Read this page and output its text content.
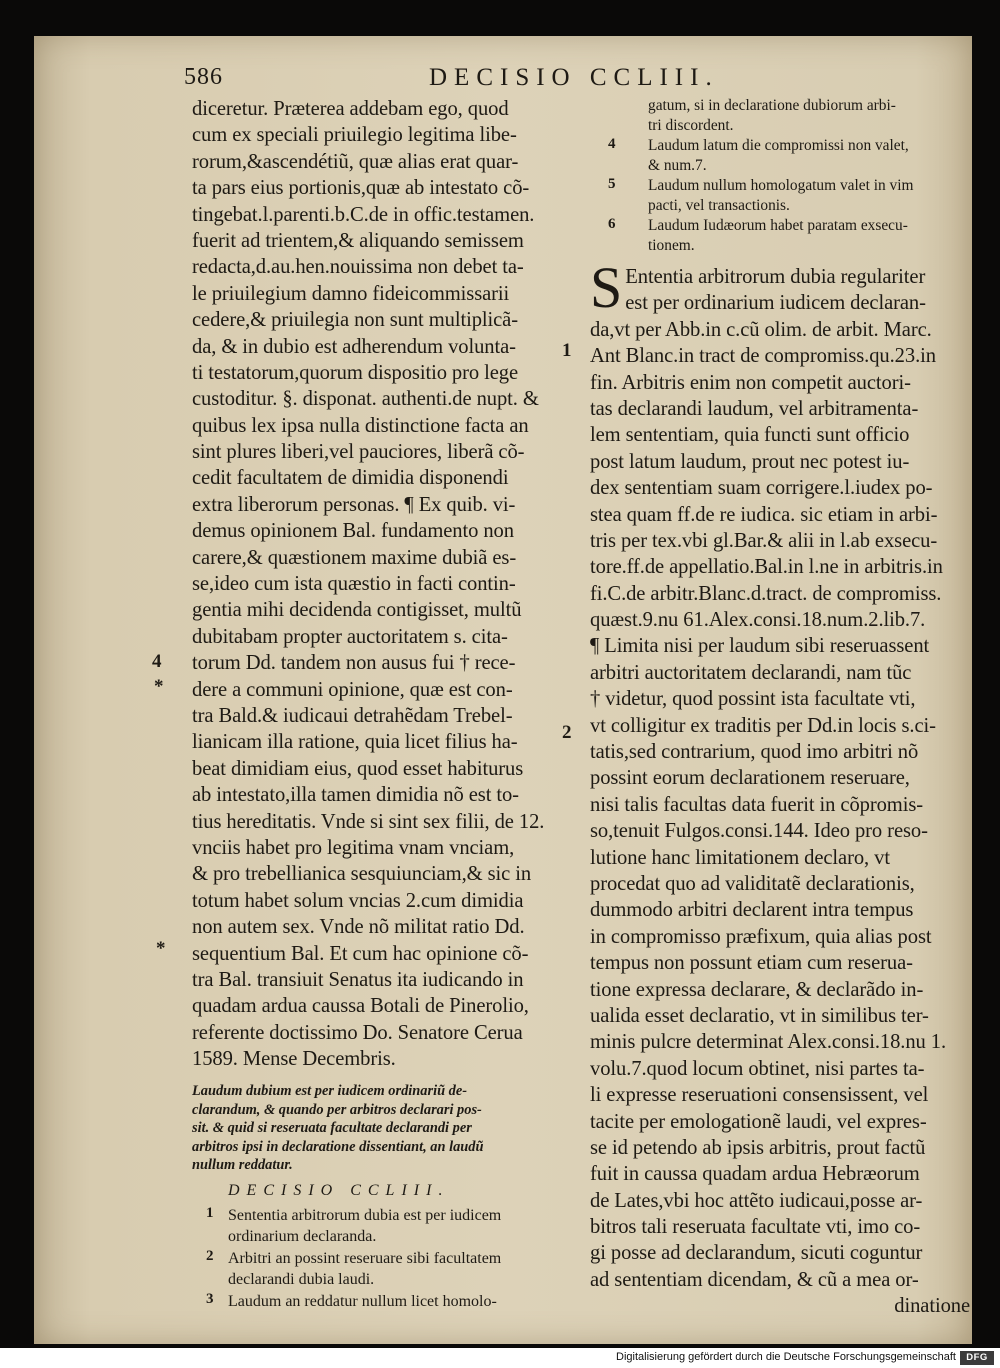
586	DECISIO CCLIII.
diceretur. Præterea addebam ego, quod
cum ex speciali priuilegio legitima libe-
rorum,&ascendétiũ, quæ alias erat quar-
ta pars eius portionis,quæ ab intestato cõ-
tingebat.l.parenti.b.C.de in offic.testamen.
fuerit ad trientem,& aliquando semissem
redacta,d.au.hen.nouissima non debet ta-
le priuilegium damno fideicommissarii
cedere,& priuilegia non sunt multiplicã-
da, & in dubio est adherendum volunta-
ti testatorum,quorum dispositio pro lege
custoditur. §. disponat. authenti.de nupt. &
quibus lex ipsa nulla distinctione facta an
sint plures liberi,vel pauciores, liberã cõ-
cedit facultatem de dimidia disponendi
extra liberorum personas. ¶ Ex quib. vi-
demus opinionem Bal. fundamento non
carere,& quæstionem maxime dubiã es-
se,ideo cum ista quæstio in facti contin-
gentia mihi decidenda contigisset, multũ
dubitabam propter auctoritatem s. cita-
torum Dd. tandem non ausus fui † rece-
dere a communi opinione, quæ est con-
tra Bald.& iudicaui detrahẽdam Trebel-
lianicam illa ratione, quia licet filius ha-
beat dimidiam eius, quod esset habiturus
ab intestato,illa tamen dimidia nõ est to-
tius hereditatis. Vnde si sint sex filii, de 12.
vnciis habet pro legitima vnam vnciam,
& pro trebellianica sesquiunciam,& sic in
totum habet solum vncias 2.cum dimidia
non autem sex. Vnde nõ militat ratio Dd.
sequentium Bal. Et cum hac opinione cõ-
tra Bal. transiuit Senatus ita iudicando in
quadam ardua caussa Botali de Pinerolio,
referente doctissimo Do. Senatore Cerua
1589. Mense Decembris.
Laudum dubium est per iudicem ordinariũ de-
clarandum, & quando per arbitros declarari pos-
sit. & quid si reseruata facultate declarandi per
arbitros ipsi in declaratione dissentiant, an laudũ
nullum reddatur.
DECISIO CCLIII.
1 Sententia arbitrorum dubia est per iudicem
ordinarium declaranda.
2 Arbitri an possint reseruare sibi facultatem
declarandi dubia laudi.
3 Laudum an reddatur nullum licet homolo-
4
*
*
gatum, si in declaratione dubiorum arbi-
tri discordent.
4 Laudum latum die compromissi non valet,
& num.7.
5 Laudum nullum homologatum valet in vim
pacti, vel transactionis.
6 Laudum Iudæorum habet paratam exsecu-
tionem.
S Ententia arbitrorum dubia regulariter
est per ordinarium iudicem declaran-
da,vt per Abb.in c.cũ olim. de arbit. Marc.
Ant Blanc.in tract de compromiss.qu.23.in
fin. Arbitris enim non competit auctori-
tas declarandi laudum, vel arbitramenta-
lem sententiam, quia functi sunt officio
post latum laudum, prout nec potest iu-
dex sententiam suam corrigere.l.iudex po-
stea quam ff.de re iudica. sic etiam in arbi-
tris per tex.vbi gl.Bar.& alii in l.ab exsecu-
tore.ff.de appellatio.Bal.in l.ne in arbitris.in
fi.C.de arbitr.Blanc.d.tract. de compromiss.
quæst.9.nu 61.Alex.consi.18.num.2.lib.7.
¶ Limita nisi per laudum sibi reseruassent
arbitri auctoritatem declarandi, nam tũc
† videtur, quod possint ista facultate vti,
vt colligitur ex traditis per Dd.in locis s.ci-
tatis,sed contrarium, quod imo arbitri nõ
possint eorum declarationem reseruare,
nisi talis facultas data fuerit in cõpromis-
so,tenuit Fulgos.consi.144. Ideo pro reso-
lutione hanc limitationem declaro, vt
procedat quo ad validitatẽ declarationis,
dummodo arbitri declarent intra tempus
in compromisso præfixum, quia alias post
tempus non possunt etiam cum reserua-
tione expressa declarare, & declarãdo in-
ualida esset declaratio, vt in similibus ter-
minis pulcre determinat Alex.consi.18.nu 1.
volu.7.quod locum obtinet, nisi partes ta-
li expresse reseruationi consensissent, vel
tacite per emologationẽ laudi, vel expres-
se id petendo ab ipsis arbitris, prout factũ
fuit in caussa quadam ardua Hebræorum
de Lates,vbi hoc attẽto iudicaui,posse ar-
bitros tali reseruata facultate vti, imo co-
gi posse ad declarandum, sicuti coguntur
ad sententiam dicendam, & cũ a mea or-
dinatione
1
2
Digitalisierung gefördert durch die Deutsche Forschungsgemeinschaft	DFG
